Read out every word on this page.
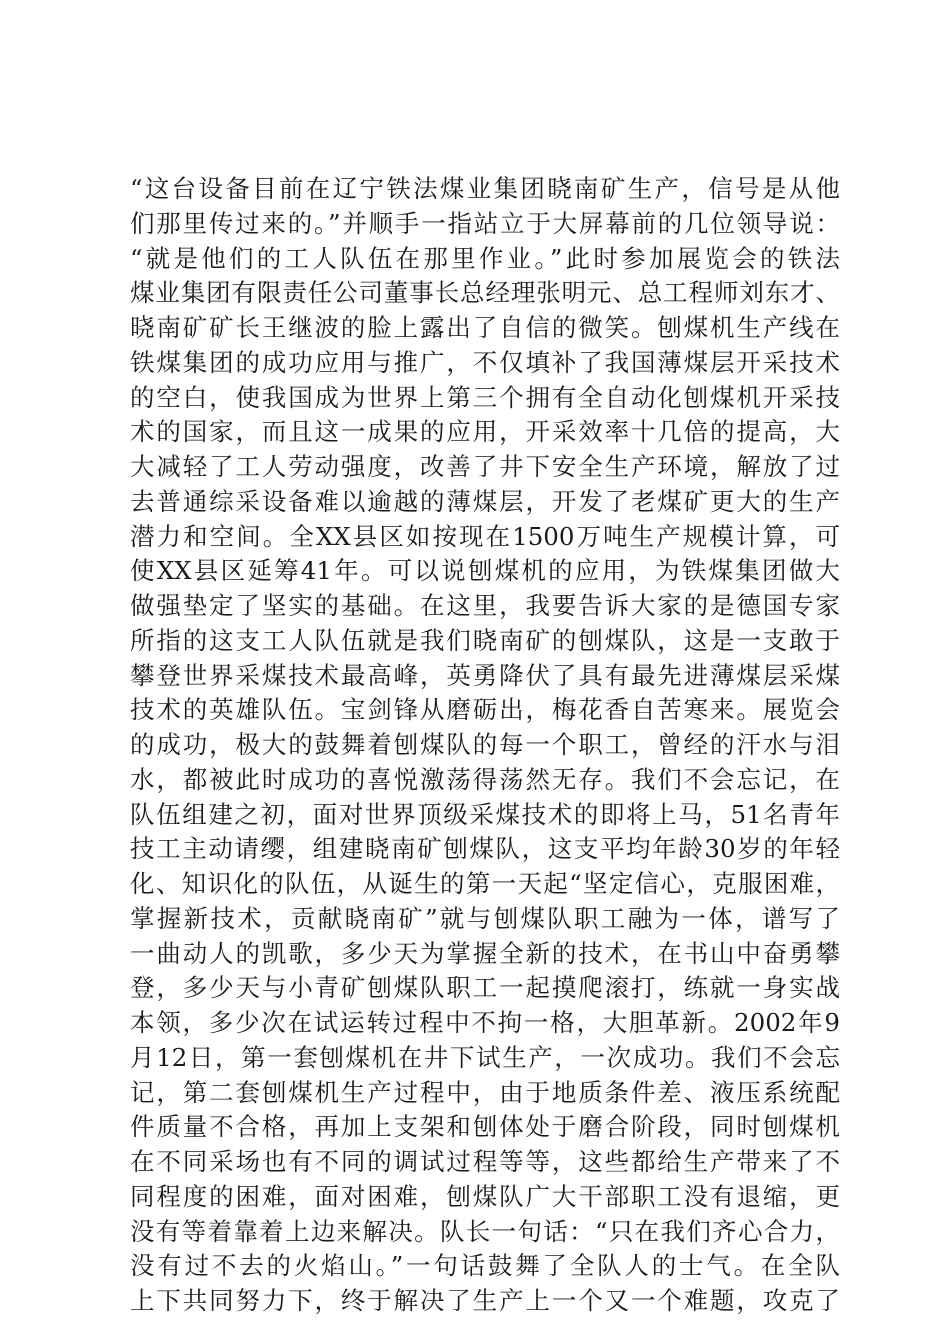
“这台设备目前在辽宁铁法煤业集团晓南矿生产，信号是从他
们那里传过来的。”并顺手一指站立于大屏幕前的几位领导说：
“就是他们的工人队伍在那里作业。”此时参加展览会的铁法
煤业集团有限责任公司董事长总经理张明元、总工程师刘东才、
晓南矿矿长王继波的脸上露出了自信的微笑。刨煤机生产线在
铁煤集团的成功应用与推广，不仅填补了我国薄煤层开采技术
的空白，使我国成为世界上第三个拥有全自动化刨煤机开采技
术的国家，而且这一成果的应用，开采效率十几倍的提高，大
大减轻了工人劳动强度，改善了井下安全生产环境，解放了过
去普通综采设备难以逾越的薄煤层，开发了老煤矿更大的生产
潜力和空间。全XX县区如按现在1500万吨生产规模计算，可
使XX县区延筹41年。可以说刨煤机的应用，为铁煤集团做大
做强垫定了坚实的基础。在这里，我要告诉大家的是德国专家
所指的这支工人队伍就是我们晓南矿的刨煤队，这是一支敢于
攀登世界采煤技术最高峰，英勇降伏了具有最先进薄煤层采煤
技术的英雄队伍。宝剑锋从磨砺出，梅花香自苦寒来。展览会
的成功，极大的鼓舞着刨煤队的每一个职工，曾经的汗水与泪
水，都被此时成功的喜悦激荡得荡然无存。我们不会忘记，在
队伍组建之初，面对世界顶级采煤技术的即将上马，51名青年
技工主动请缨，组建晓南矿刨煤队，这支平均年龄30岁的年轻
化、知识化的队伍，从诞生的第一天起“坚定信心，克服困难，
掌握新技术，贡献晓南矿”就与刨煤队职工融为一体，谱写了
一曲动人的凯歌，多少天为掌握全新的技术，在书山中奋勇攀
登，多少天与小青矿刨煤队职工一起摸爬滚打，练就一身实战
本领，多少次在试运转过程中不拘一格，大胆革新。2002年9
月12日，第一套刨煤机在井下试生产，一次成功。我们不会忘
记，第二套刨煤机生产过程中，由于地质条件差、液压系统配
件质量不合格，再加上支架和刨体处于磨合阶段，同时刨煤机
在不同采场也有不同的调试过程等等，这些都给生产带来了不
同程度的困难，面对困难，刨煤队广大干部职工没有退缩，更
没有等着靠着上边来解决。队长一句话：“只在我们齐心合力，
没有过不去的火焰山。”一句话鼓舞了全队人的士气。在全队
上下共同努力下，终于解决了生产上一个又一个难题，攻克了
